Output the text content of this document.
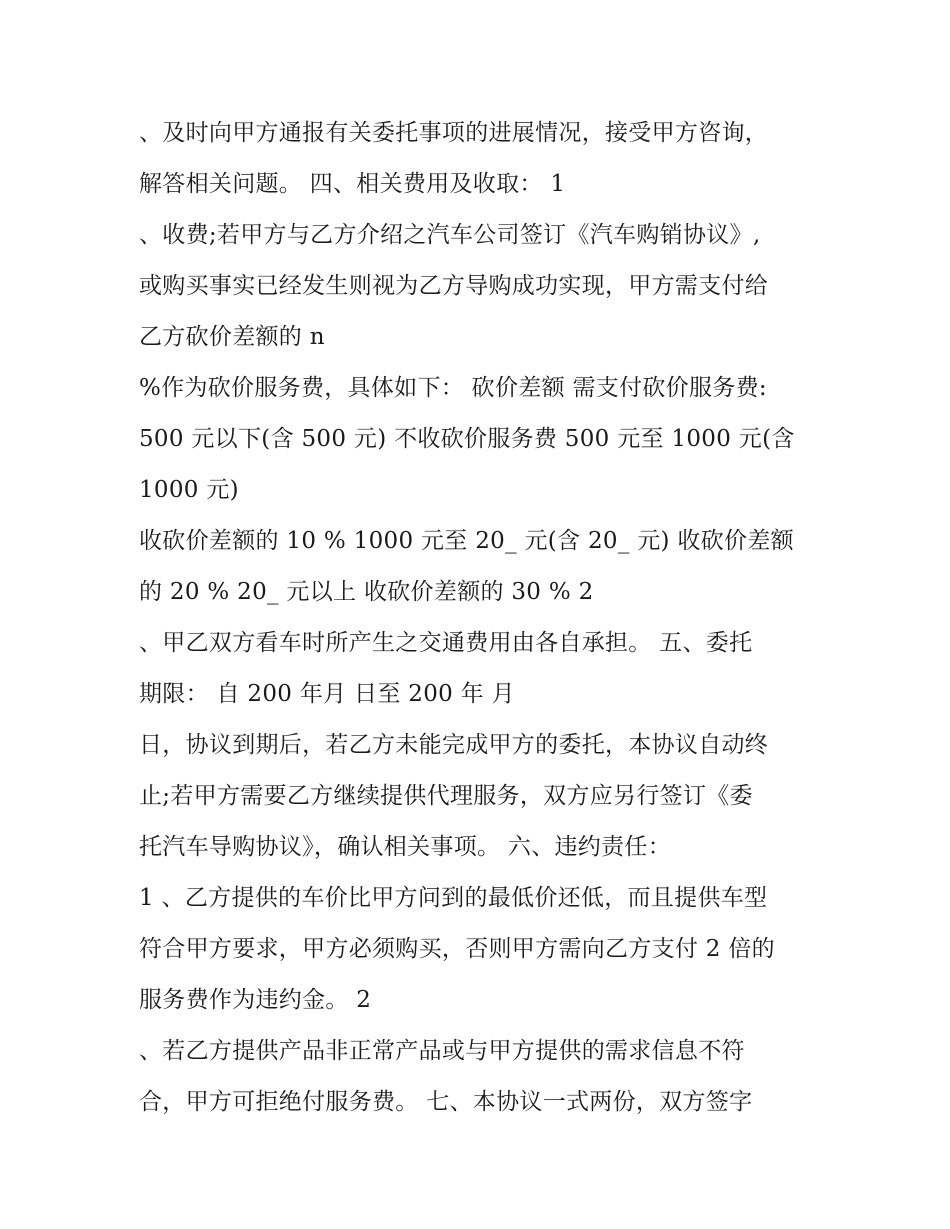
、及时向甲方通报有关委托事项的进展情况，接受甲方咨询，
解答相关问题。 四、相关费用及收取： 1
、收费;若甲方与乙方介绍之汽车公司签订《汽车购销协议》,
或购买事实已经发生则视为乙方导购成功实现，甲方需支付给
乙方砍价差额的 n
%作为砍价服务费，具体如下： 砍价差额 需支付砍价服务费:
500 元以下(含 500 元) 不收砍价服务费 500 元至 1000 元(含
1000 元)
收砍价差额的 10 % 1000 元至 20_ 元(含 20_ 元) 收砍价差额
的 20 % 20_ 元以上 收砍价差额的 30 % 2
、甲乙双方看车时所产生之交通费用由各自承担。 五、委托
期限： 自 200 年月 日至 200 年 月
日，协议到期后，若乙方未能完成甲方的委托，本协议自动终
止;若甲方需要乙方继续提供代理服务，双方应另行签订《委
托汽车导购协议》，确认相关事项。 六、违约责任：
1 、乙方提供的车价比甲方问到的最低价还低，而且提供车型
符合甲方要求，甲方必须购买，否则甲方需向乙方支付 2 倍的
服务费作为违约金。 2
、若乙方提供产品非正常产品或与甲方提供的需求信息不符
合，甲方可拒绝付服务费。 七、本协议一式两份，双方签字
